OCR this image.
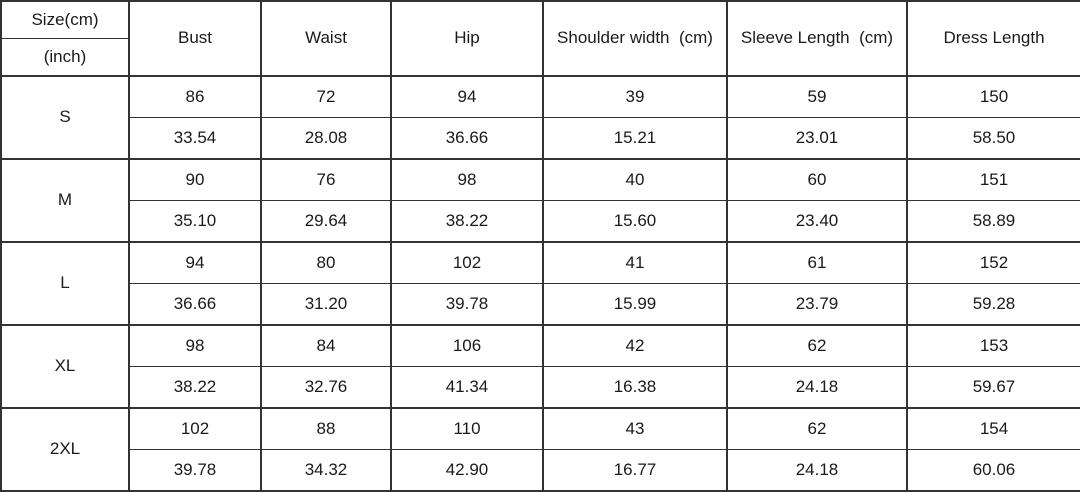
Size(cm)	Bust	Waist	Hip	Shoulder width  (cm)	Sleeve Length  (cm)	Dress Length
(inch)						
S	86	72	94	39	59	150
	33.54	28.08	36.66	15.21	23.01	58.50
M	90	76	98	40	60	151
	35.10	29.64	38.22	15.60	23.40	58.89
L	94	80	102	41	61	152
	36.66	31.20	39.78	15.99	23.79	59.28
XL	98	84	106	42	62	153
	38.22	32.76	41.34	16.38	24.18	59.67
2XL	102	88	110	43	62	154
	39.78	34.32	42.90	16.77	24.18	60.06
